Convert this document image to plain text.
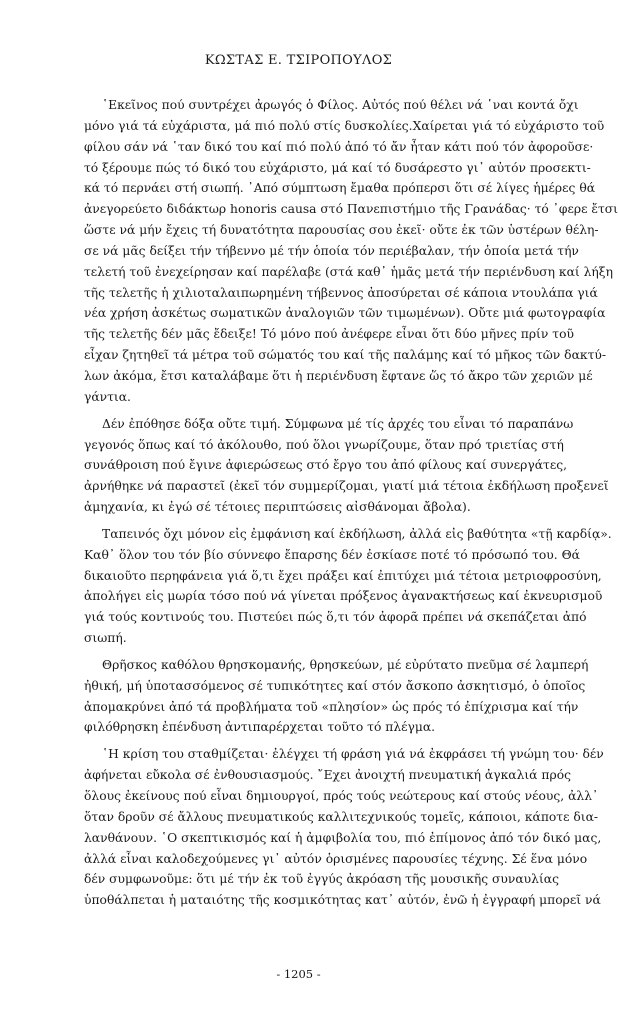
ΚΩΣΤΑΣ Ε. ΤΣΙΡΟΠΟΥΛΟΣ
῾Εκεῖνος πού συντρέχει ἀρωγός ὁ Φίλος. Αὐτός πού θέλει νά ῾ναι κοντά ὄχι
μόνο γιά τά εὐχάριστα, μά πιό πολύ στίς δυσκολίες.Χαίρεται γιά τό εὐχάριστο τοῦ
φίλου σάν νά ῾ταν δικό του καί πιό πολύ ἀπό τό ἄν ἦταν κάτι πού τόν ἀφοροῦσε·
τό ξέρουμε πώς τό δικό του εὐχάριστο, μά καί τό δυσάρεστο γι᾽ αὐτόν προσεκτι-
κά τό περνάει στή σιωπή. ᾽Από σύμπτωση ἔμαθα πρόπερσι ὅτι σέ λίγες ἡμέρες θά
ἀνεγορεύετο διδάκτωρ honoris causa στό Πανεπιστήμιο τῆς Γρανάδας· τό ᾽φερε ἔτσι
ὥστε νά μήν ἔχεις τή δυνατότητα παρουσίας σου ἐκεῖ· οὔτε ἐκ τῶν ὑστέρων θέλη-
σε νά μᾶς δείξει τήν τήβεννο μέ τήν ὁποία τόν περιέβαλαν, τήν ὁποία μετά τήν
τελετή τοῦ ἐνεχείρησαν καί παρέλαβε (στά καθ᾽ ἡμᾶς μετά τήν περιένδυση καί λήξη
τῆς τελετῆς ἡ χιλιοταλαιπωρημένη τήβεννος ἀποσύρεται σέ κάποια ντουλάπα γιά
νέα χρήση ἀσκέτως σωματικῶν ἀναλογιῶν τῶν τιμωμένων). Οὔτε μιά φωτογραφία
τῆς τελετῆς δέν μᾶς ἔδειξε! Τό μόνο πού ἀνέφερε εἶναι ὅτι δύο μῆνες πρίν τοῦ
εἶχαν ζητηθεῖ τά μέτρα τοῦ σώματός του καί τῆς παλάμης καί τό μῆκος τῶν δακτύ-
λων ἀκόμα, ἔτσι καταλάβαμε ὅτι ἡ περιένδυση ἔφτανε ὥς τό ἄκρο τῶν χεριῶν μέ
γάντια.
Δέν ἐπόθησε δόξα οὔτε τιμή. Σύμφωνα μέ τίς ἀρχές του εἶναι τό παραπάνω
γεγονός ὅπως καί τό ἀκόλουθο, πού ὅλοι γνωρίζουμε, ὅταν πρό τριετίας στή
συνάθροιση πού ἔγινε ἀφιερώσεως στό ἔργο του ἀπό φίλους καί συνεργάτες,
ἀρνήθηκε νά παραστεῖ (ἐκεῖ τόν συμμερίζομαι, γιατί μιά τέτοια ἐκδήλωση προξενεῖ
ἀμηχανία, κι ἐγώ σέ τέτοιες περιπτώσεις αἰσθάνομαι ἄβολα).
Ταπεινός ὄχι μόνον εἰς ἐμφάνιση καί ἐκδήλωση, ἀλλά εἰς βαθύτητα «τῇ καρδίᾳ».
Καθ᾽ ὅλον του τόν βίο σύννεφο ἔπαρσης δέν ἐσκίασε ποτέ τό πρόσωπό του. Θά
δικαιοῦτο περηφάνεια γιά ὅ,τι ἔχει πράξει καί ἐπιτύχει μιά τέτοια μετριοφροσύνη,
ἀπολήγει εἰς μωρία τόσο πού νά γίνεται πρόξενος ἀγανακτήσεως καί ἐκνευρισμοῦ
γιά τούς κοντινούς του. Πιστεύει πώς ὅ,τι τόν ἀφορᾶ πρέπει νά σκεπάζεται ἀπό
σιωπή.
Θρῆσκος καθόλου θρησκομανής, θρησκεύων, μέ εὐρύτατο πνεῦμα σέ λαμπερή
ἠθική, μή ὑποτασσόμενος σέ τυπικότητες καί στόν ἄσκοπο ἀσκητισμό, ὁ ὁποῖος
ἀπομακρύνει ἀπό τά προβλήματα τοῦ «πλησίον» ὡς πρός τό ἐπίχρισμα καί τήν
φιλόθρησκη ἐπένδυση ἀντιπαρέρχεται τοῦτο τό πλέγμα.
῾Η κρίση του σταθμίζεται· ἐλέγχει τή φράση γιά νά ἐκφράσει τή γνώμη του· δέν
ἀφήνεται εὔκολα σέ ἐνθουσιασμούς. ῎Εχει ἀνοιχτή πνευματική ἀγκαλιά πρός
ὅλους ἐκείνους πού εἶναι δημιουργοί, πρός τούς νεώτερους καί στούς νέους, ἀλλ᾽
ὅταν δροῦν σέ ἄλλους πνευματικούς καλλιτεχνικούς τομεῖς, κάποιοι, κάποτε δια-
λανθάνουν. ῾Ο σκεπτικισμός καί ἡ ἀμφιβολία του, πιό ἐπίμονος ἀπό τόν δικό μας,
ἀλλά εἶναι καλοδεχούμενες γι᾽ αὐτόν ὁρισμένες παρουσίες τέχνης. Σέ ἕνα μόνο
δέν συμφωνοῦμε: ὅτι μέ τήν ἐκ τοῦ ἐγγύς ἀκρόαση τῆς μουσικῆς συναυλίας
ὑποθάλπεται ἡ ματαιότης τῆς κοσμικότητας κατ᾽ αὐτόν, ἐνῶ ἡ ἐγγραφή μπορεῖ νά
- 1205 -
